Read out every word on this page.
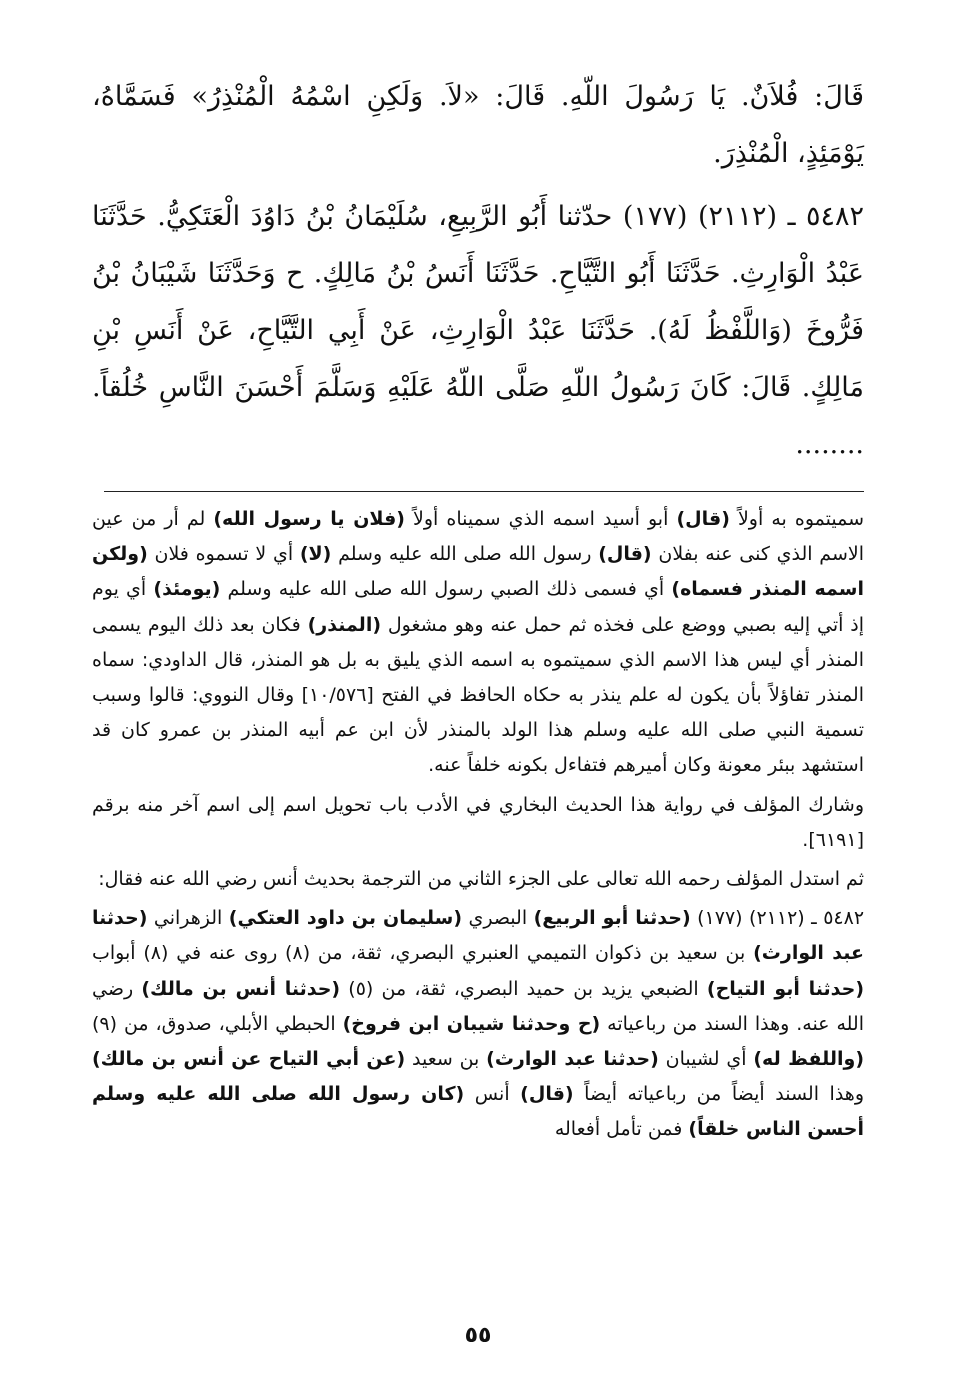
قَالَ: فُلاَنٌ. يَا رَسُولَ اللّهِ. قَالَ: «لاَ. وَلَكِنِ اسْمُهُ الْمُنْذِرُ» فَسَمَّاهُ، يَوْمَئِذٍ، الْمُنْذِرَ.

٥٤٨٢ ـ (٢١١٢) (١٧٧) حدّثنا أَبُو الرَّبِيعِ، سُلَيْمَانُ بْنُ دَاوُدَ الْعَتَكِيُّ. حَدَّثَنَا عَبْدُ الْوَارِثِ. حَدَّثَنَا أَبُو التَّيَّاحِ. حَدَّثَنَا أَنَسُ بْنُ مَالِكٍ. ح وَحَدَّثَنَا شَيْبَانُ بْنُ فَرُّوخَ (وَاللَّفْظُ لَهُ). حَدَّثَنَا عَبْدُ الْوَارِثِ، عَنْ أَبِي التَّيَّاحِ، عَنْ أَنَسِ بْنِ مَالِكٍ. قَالَ: كَانَ رَسُولُ اللّهِ صَلَّى اللّهُ عَلَيْهِ وَسَلَّمَ أَحْسَنَ النَّاسِ خُلُقاً. ........

سميتموه به أولاً (قال) أبو أسيد اسمه الذي سميناه أولاً (فلان يا رسول الله) لم أر من عين الاسم الذي كنى عنه بفلان (قال) رسول الله صلى الله عليه وسلم (لا) أي لا تسموه فلان (ولكن اسمه المنذر فسماه) أي فسمى ذلك الصبي رسول الله صلى الله عليه وسلم (يومئذ) أي يوم إذ أتي إليه بصبي ووضع على فخذه ثم حمل عنه وهو مشغول (المنذر) فكان بعد ذلك اليوم يسمى المنذر أي ليس هذا الاسم الذي سميتموه به اسمه الذي يليق به بل هو المنذر، قال الداودي: سماه المنذر تفاؤلاً بأن يكون له علم ينذر به حكاه الحافظ في الفتح [١٠/٥٧٦] وقال النووي: قالوا وسبب تسمية النبي صلى الله عليه وسلم هذا الولد بالمنذر لأن ابن عم أبيه المنذر بن عمرو كان قد استشهد ببئر معونة وكان أميرهم فتفاءل بكونه خلفاً عنه.

وشارك المؤلف في رواية هذا الحديث البخاري في الأدب باب تحويل اسم إلى اسم آخر منه برقم [٦١٩١].

ثم استدل المؤلف رحمه الله تعالى على الجزء الثاني من الترجمة بحديث أنس رضي الله عنه فقال:

٥٤٨٢ ـ (٢١١٢) (١٧٧) (حدثنا أبو الربيع) البصري (سليمان بن داود العتكي) الزهراني (حدثنا عبد الوارث) بن سعيد بن ذكوان التميمي العنبري البصري، ثقة، من (٨) روى عنه في (٨) أبواب (حدثنا أبو التياح) الضبعي يزيد بن حميد البصري، ثقة، من (٥) (حدثنا أنس بن مالك) رضي الله عنه. وهذا السند من رباعياته (ح وحدثنا شيبان ابن فروخ) الحبطي الأبلي، صدوق، من (٩) (واللفظ له) أي لشيبان (حدثنا عبد الوارث) بن سعيد (عن أبي التياح عن أنس بن مالك) وهذا السند أيضاً من رباعياته أيضاً (قال) أنس (كان رسول الله صلى الله عليه وسلم أحسن الناس خلقاً) فمن تأمل أفعاله

٥٥
